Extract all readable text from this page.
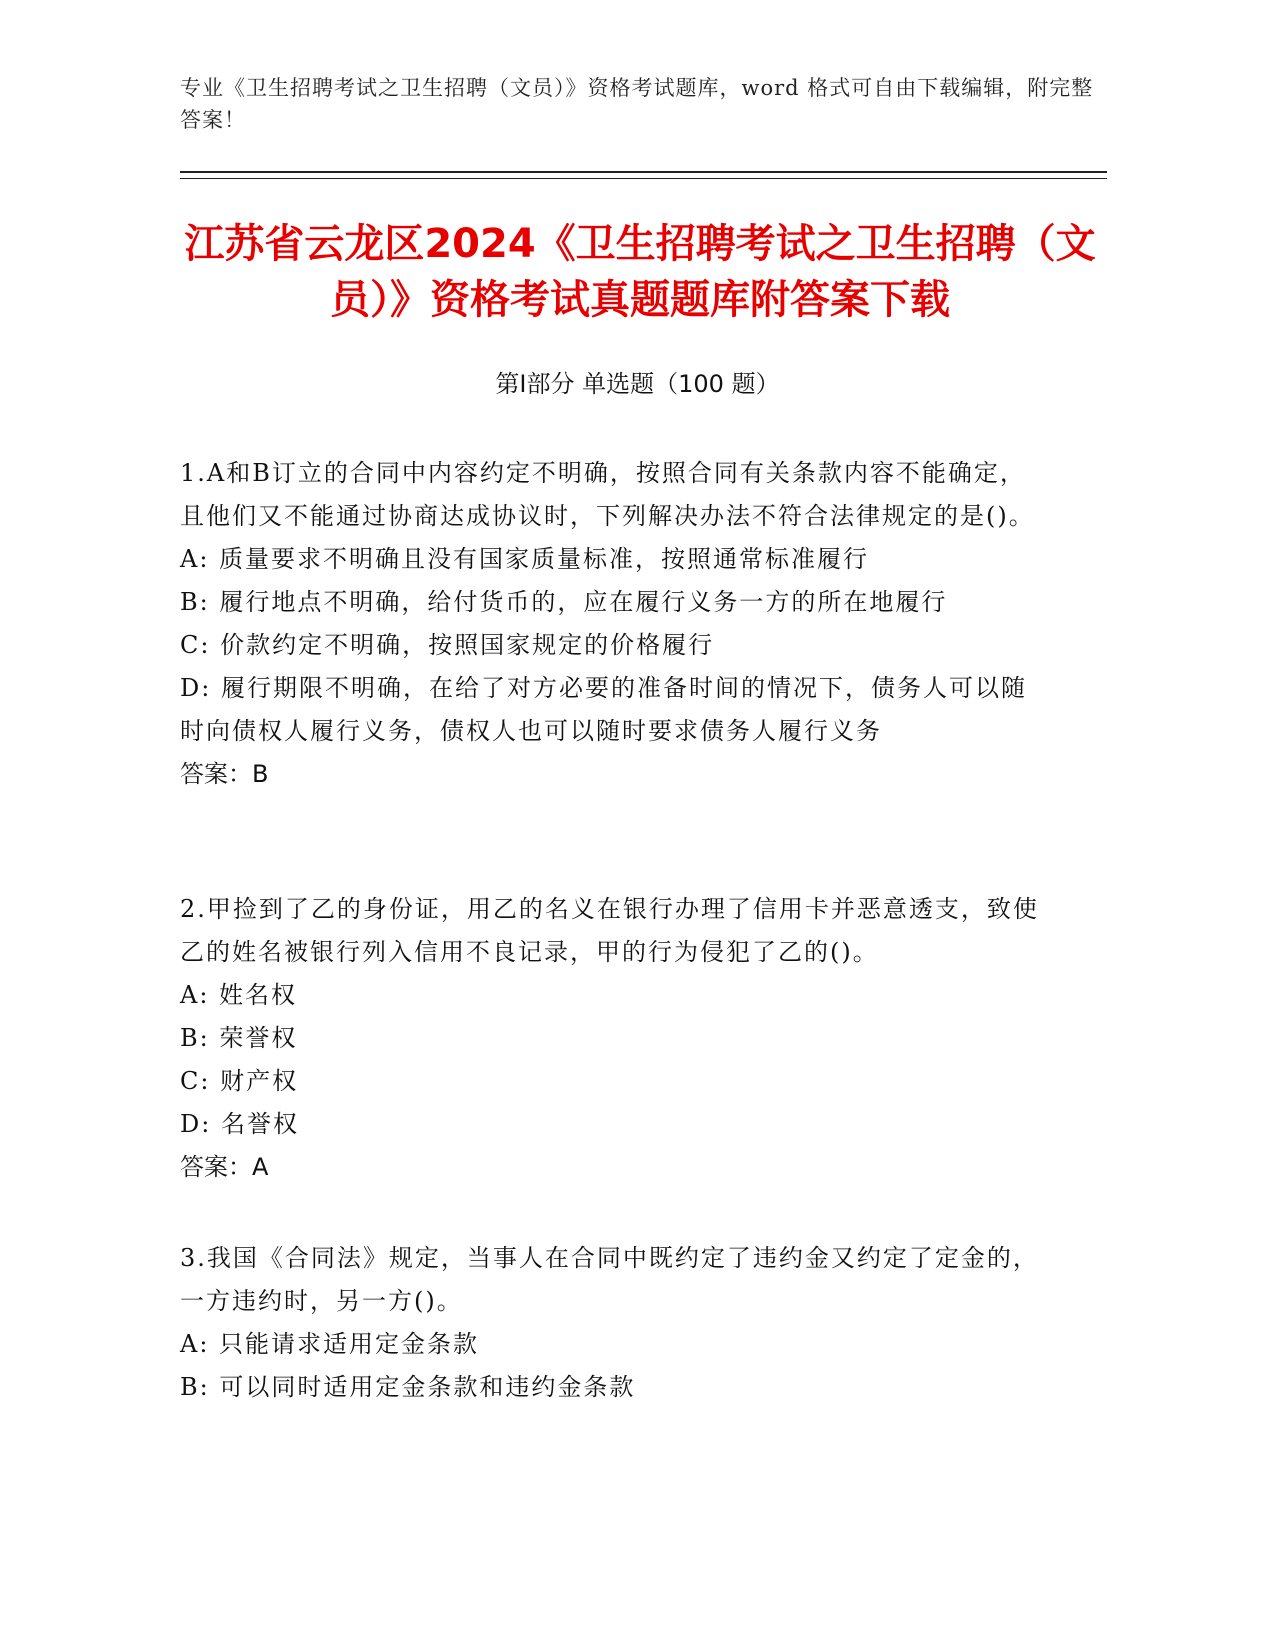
专业《卫生招聘考试之卫生招聘（文员）》资格考试题库，word 格式可自由下载编辑，附完整答案！
江苏省云龙区2024《卫生招聘考试之卫生招聘（文员）》资格考试真题题库附答案下载
第Ⅰ部分 单选题（100 题）
1.A和B订立的合同中内容约定不明确，按照合同有关条款内容不能确定，且他们又不能通过协商达成协议时，下列解决办法不符合法律规定的是()。
A: 质量要求不明确且没有国家质量标准，按照通常标准履行
B: 履行地点不明确，给付货币的，应在履行义务一方的所在地履行
C: 价款约定不明确，按照国家规定的价格履行
D: 履行期限不明确，在给了对方必要的准备时间的情况下，债务人可以随时向债权人履行义务，债权人也可以随时要求债务人履行义务
答案：B
2.甲捡到了乙的身份证，用乙的名义在银行办理了信用卡并恶意透支，致使乙的姓名被银行列入信用不良记录，甲的行为侵犯了乙的()。
A: 姓名权
B: 荣誉权
C: 财产权
D: 名誉权
答案：A
3.我国《合同法》规定，当事人在合同中既约定了违约金又约定了定金的，一方违约时，另一方()。
A: 只能请求适用定金条款
B: 可以同时适用定金条款和违约金条款
